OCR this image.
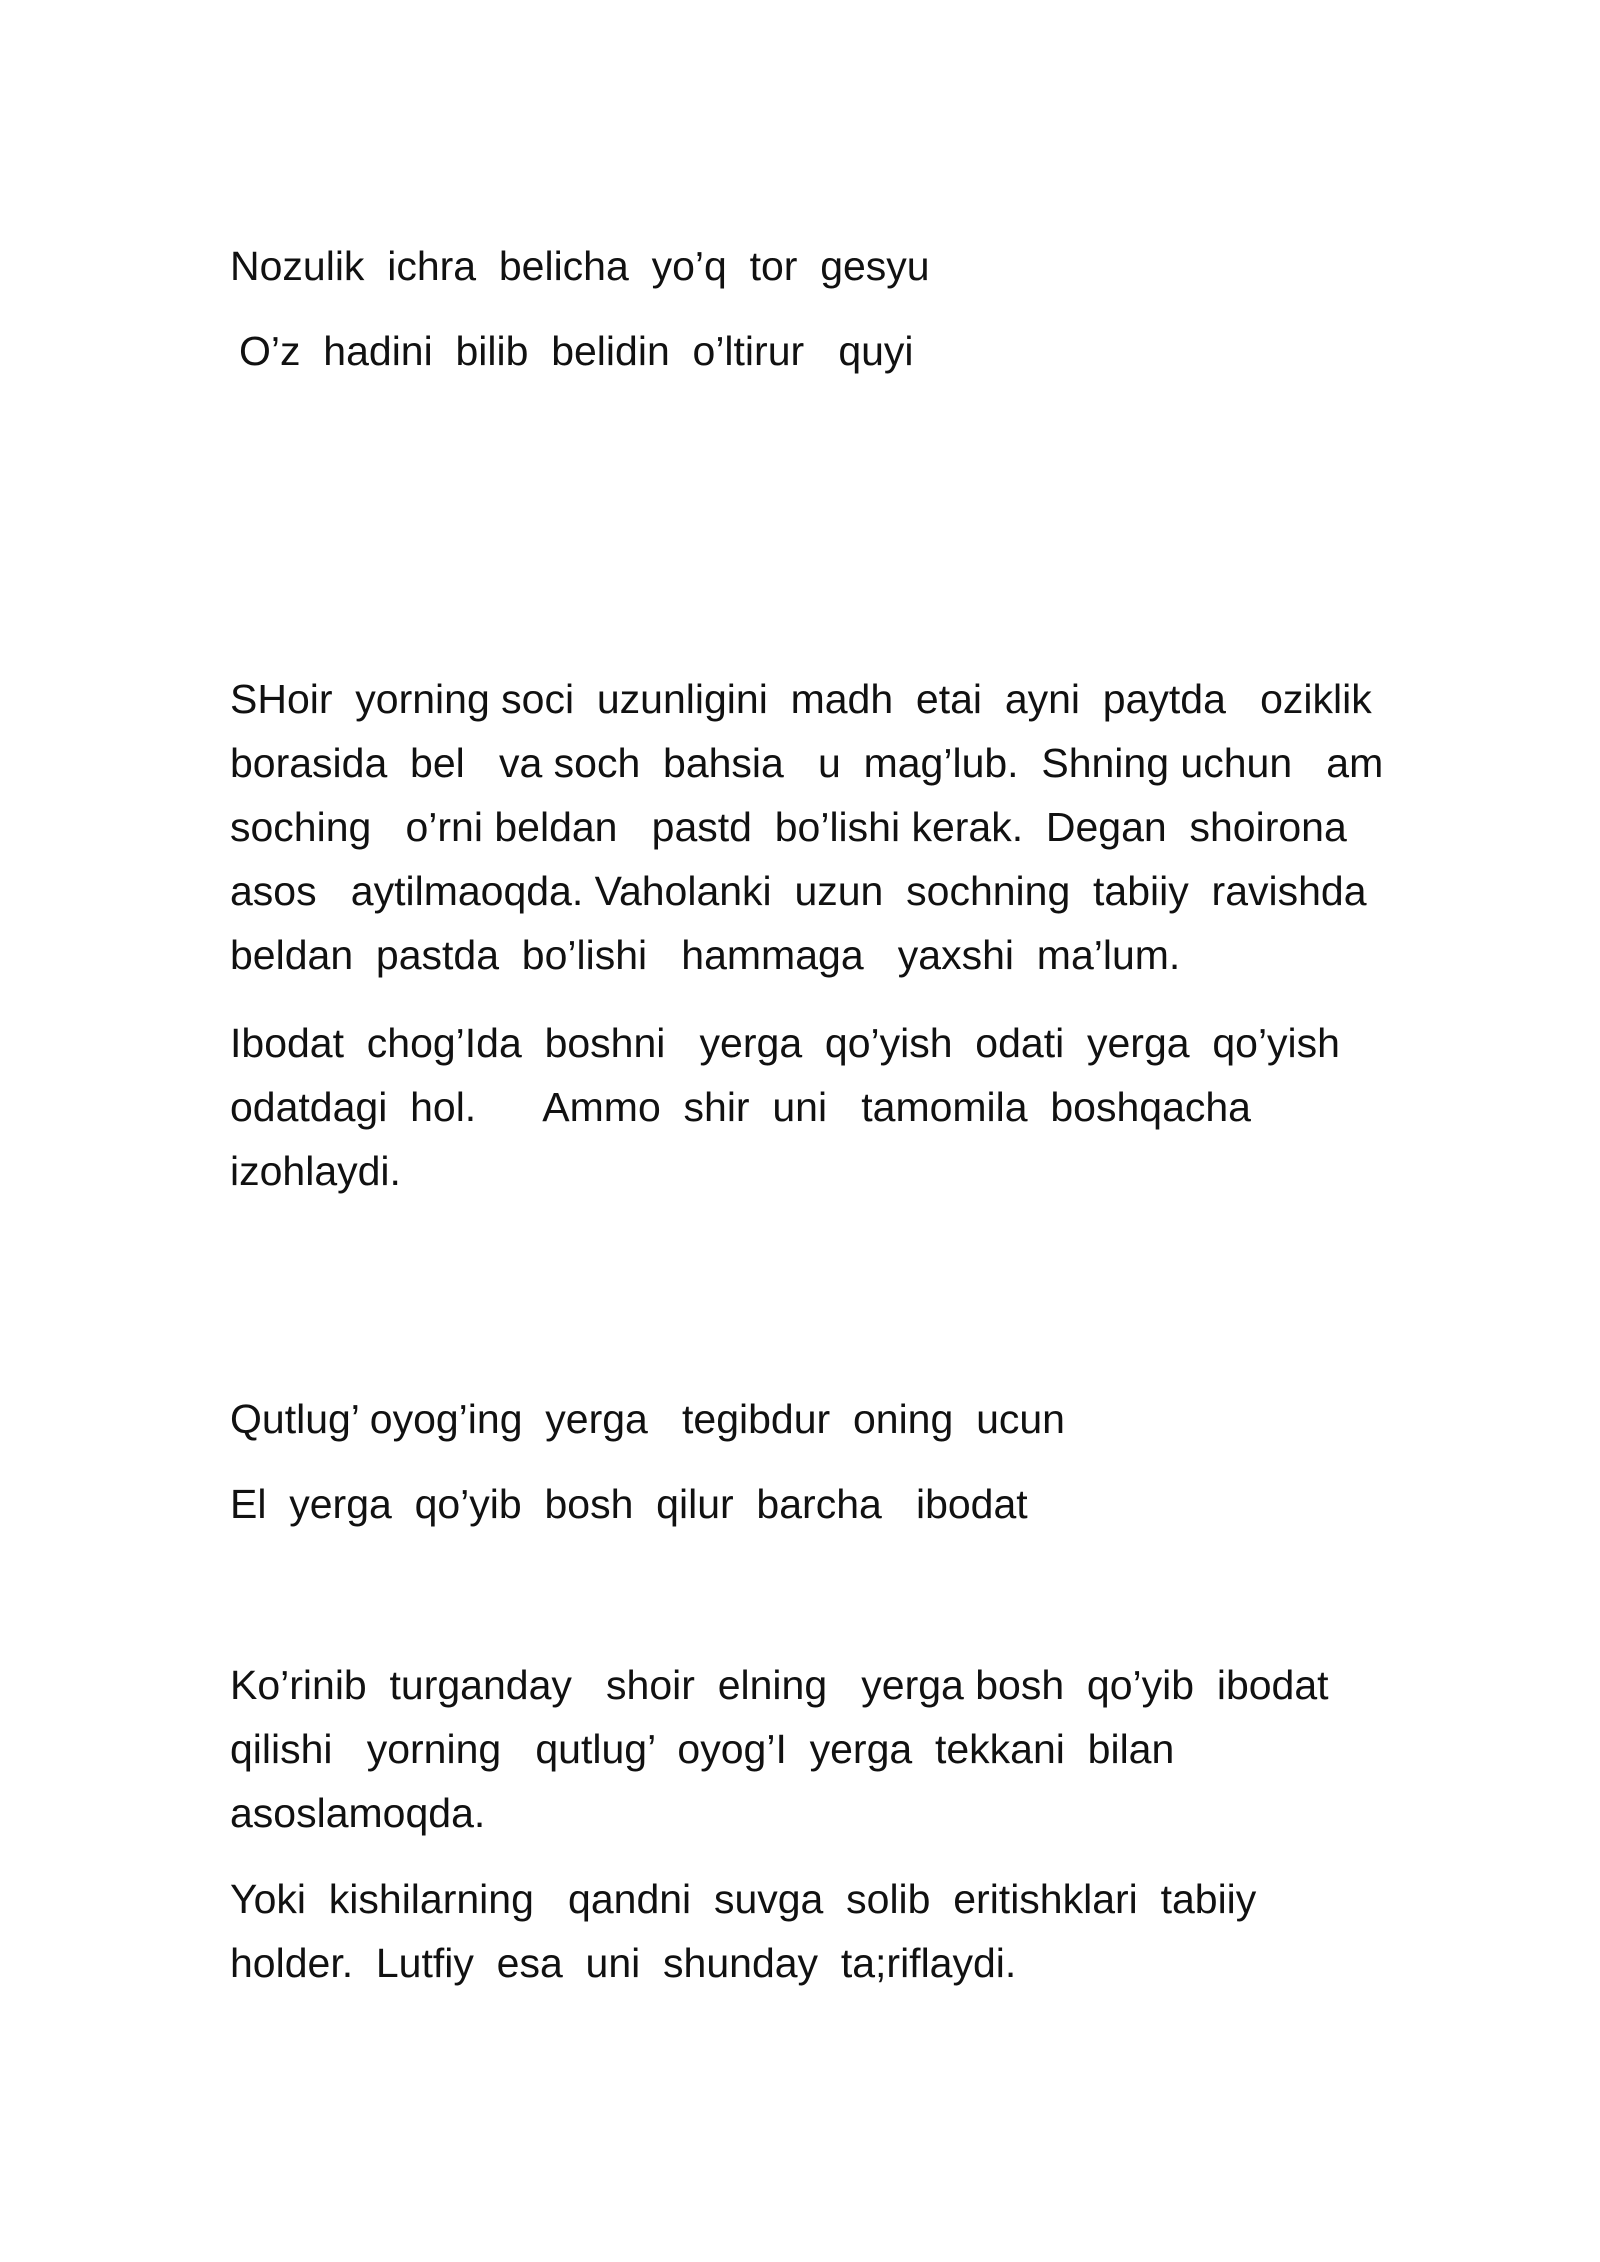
Nozulik  ichra  belicha  yo’q  tor  gesyu

O’z  hadini  bilib  belidin  o’ltirur   quyi

SHoir  yorning soci  uzunligini  madh  etai  ayni  paytda   oziklik
borasida  bel   va soch  bahsia   u  mag’lub.  Shning uchun   am
soching   o’rni beldan   pastd  bo’lishi kerak.  Degan  shoirona
asos   aytilmaoqda. Vaholanki  uzun  sochning  tabiiy  ravishda
beldan  pastda  bo’lishi   hammaga   yaxshi  ma’lum.

Ibodat  chog’Ida  boshni   yerga  qo’yish  odati  yerga  qo’yish
odatdagi  hol.      Ammo  shir  uni   tamomila  boshqacha
izohlaydi.

Qutlug’ oyog’ing  yerga   tegibdur  oning  ucun

El  yerga  qo’yib  bosh  qilur  barcha   ibodat

Ko’rinib  turganday   shoir  elning   yerga bosh  qo’yib  ibodat
qilishi   yorning   qutlug’  oyog’I  yerga  tekkani  bilan
asoslamoqda.

Yoki  kishilarning   qandni  suvga  solib  eritishklari  tabiiy
holder.  Lutfiy  esa  uni  shunday  ta;riflaydi.
